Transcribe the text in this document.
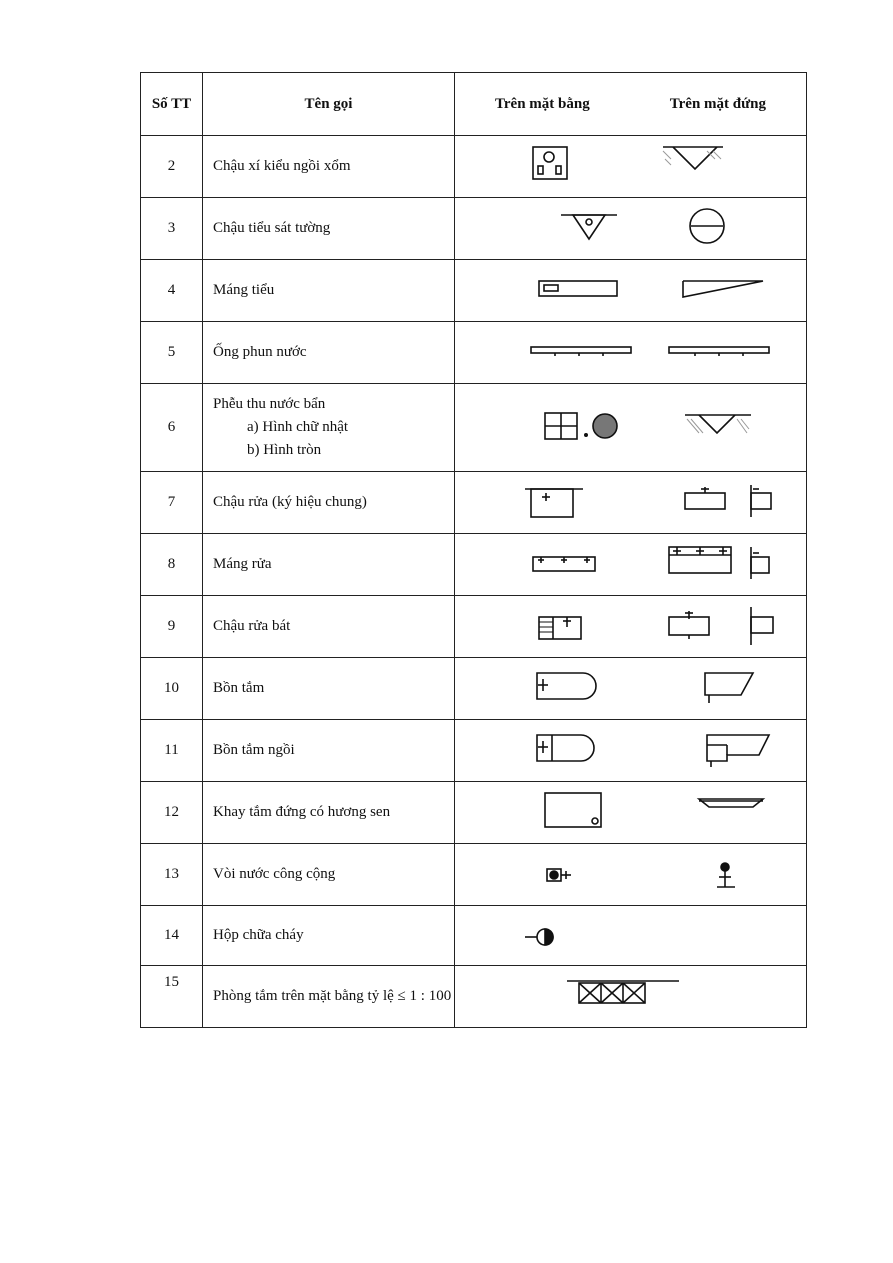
Số TT	Tên gọi	Trên mặt bằng Trên mặt đứng

2	Chậu xí kiểu ngồi xổm	

3	Chậu tiểu sát tường	

4	Máng tiểu	

5	Ống phun nước	

6	Phễu thu nước bẩn
a) Hình chữ nhật
b) Hình tròn

7	Chậu rửa (ký hiệu chung)	

8	Máng rửa	

9	Chậu rửa bát	

10	Bồn tắm	

11	Bồn tắm ngồi	

12	Khay tắm đứng có hương sen	

13	Vòi nước công cộng	

14	Hộp chữa cháy	

15	Phòng tắm trên mặt bằng tỷ lệ ≤ 1 : 100	
